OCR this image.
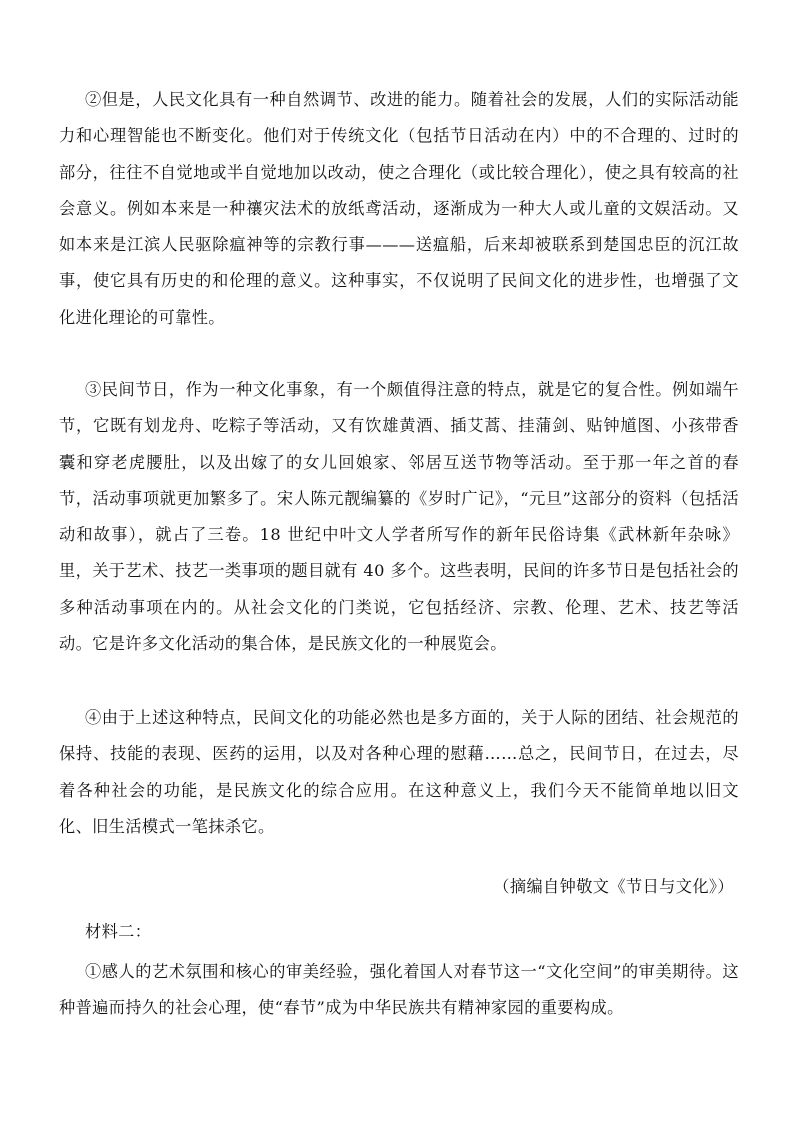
②但是，人民文化具有一种自然调节、改进的能力。随着社会的发展，人们的实际活动能力和心理智能也不断变化。他们对于传统文化（包括节日活动在内）中的不合理的、过时的部分，往往不自觉地或半自觉地加以改动，使之合理化（或比较合理化），使之具有较高的社会意义。例如本来是一种禳灾法术的放纸鸢活动，逐渐成为一种大人或儿童的文娱活动。又如本来是江滨人民驱除瘟神等的宗教行事———送瘟船，后来却被联系到楚国忠臣的沉江故事，使它具有历史的和伦理的意义。这种事实，不仅说明了民间文化的进步性，也增强了文化进化理论的可靠性。

③民间节日，作为一种文化事象，有一个颇值得注意的特点，就是它的复合性。例如端午节，它既有划龙舟、吃粽子等活动，又有饮雄黄酒、插艾蒿、挂蒲剑、贴钟馗图、小孩带香囊和穿老虎腰肚，以及出嫁了的女儿回娘家、邻居互送节物等活动。至于那一年之首的春节，活动事项就更加繁多了。宋人陈元靓编纂的《岁时广记》，“元旦”这部分的资料（包括活动和故事），就占了三卷。18 世纪中叶文人学者所写作的新年民俗诗集《武林新年杂咏》里，关于艺术、技艺一类事项的题目就有 40 多个。这些表明，民间的许多节日是包括社会的多种活动事项在内的。从社会文化的门类说，它包括经济、宗教、伦理、艺术、技艺等活动。它是许多文化活动的集合体，是民族文化的一种展览会。

④由于上述这种特点，民间文化的功能必然也是多方面的，关于人际的团结、社会规范的保持、技能的表现、医药的运用，以及对各种心理的慰藉……总之，民间节日，在过去，尽着各种社会的功能，是民族文化的综合应用。在这种意义上，我们今天不能简单地以旧文化、旧生活模式一笔抹杀它。

（摘编自钟敬文《节日与文化》）

材料二：

①感人的艺术氛围和核心的审美经验，强化着国人对春节这一“文化空间”的审美期待。这种普遍而持久的社会心理，使“春节”成为中华民族共有精神家园的重要构成。
